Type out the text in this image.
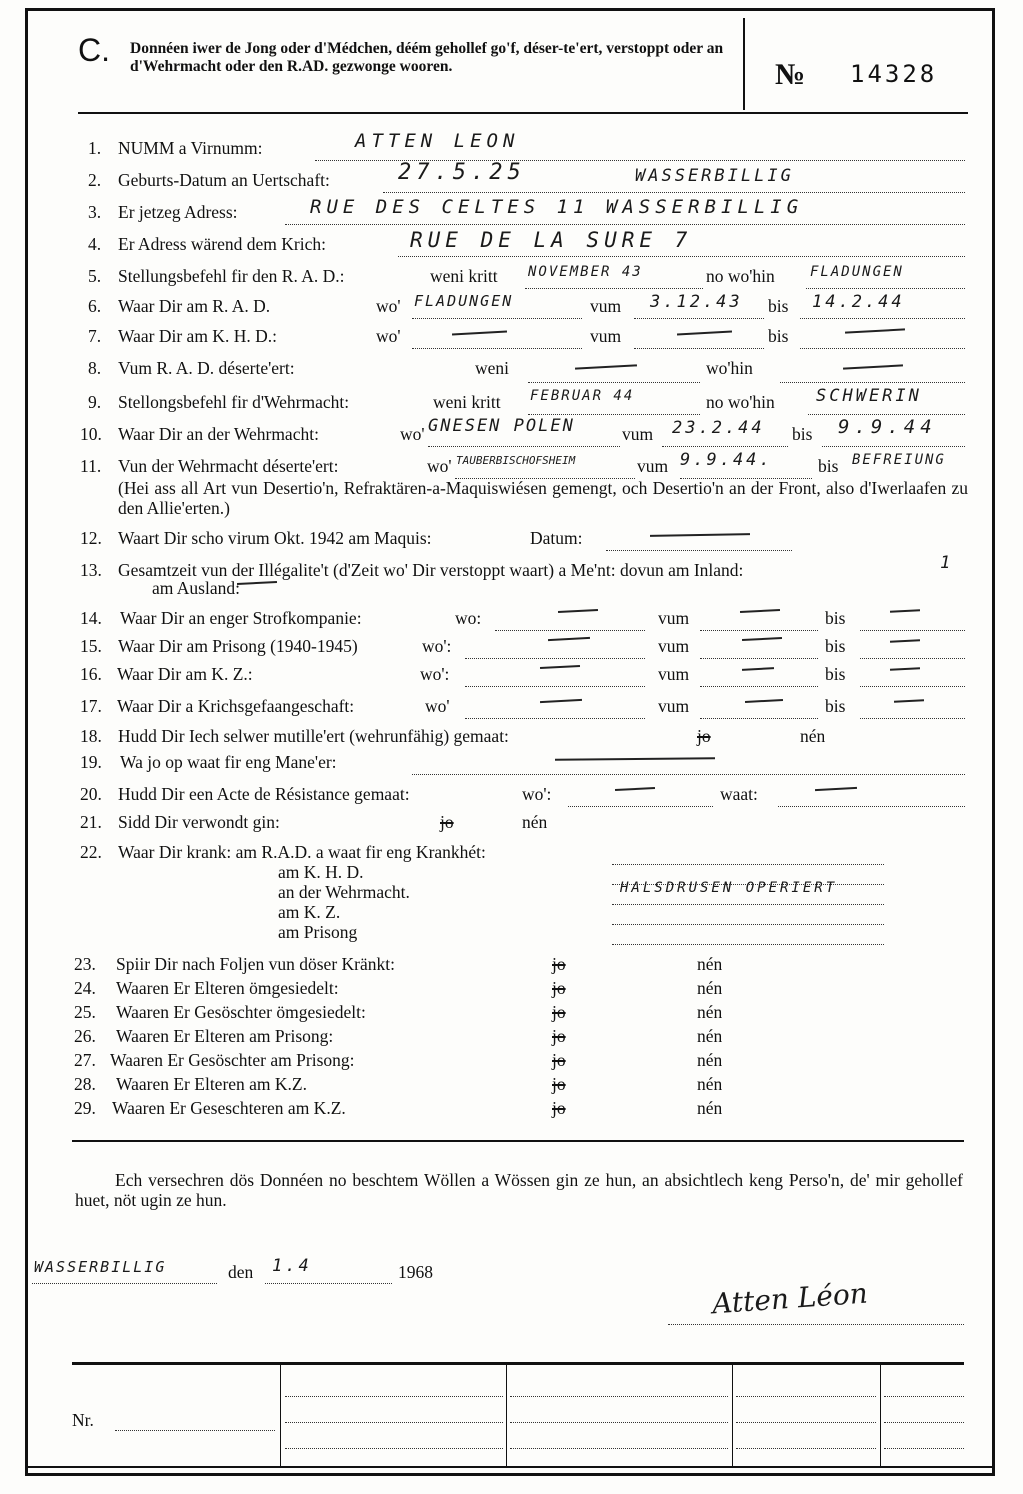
C. Donnéen iwer de Jong oder d'Médchen, déém gehollef go'f, déser-te'ert, verstoppt oder an d'Wehrmacht oder den R.AD. gezwonge wooren.	№ 14328
1. NUMM a Virnumm:	ATTEN LEON
2. Geburts-Datum an Uertschaft:	27.5.25	WASSERBILLIG
3. Er jetzeg Adress:	RUE DES CELTES 11 WASSERBILLIG
4. Er Adress wärend dem Krich:	RUE DE LA SURE 7
5. Stellungsbefehl fir den R. A. D.:	weni kritt	no wo'hin
NOVEMBER 43	FLADUNGEN
6. Waar Dir am R. A. D.	wo'	vum	bis
FLADUNGEN	3.12.43	14.2.44
7. Waar Dir am K. H. D.:	wo'	vum	bis
8. Vum R. A. D. déserte'ert:	weni	wo'hin
9. Stellongsbefehl fir d'Wehrmacht:	weni kritt	no wo'hin
FEBRUAR 44	SCHWERIN
10. Waar Dir an der Wehrmacht:	wo'	vum	bis
GNESEN POLEN	23.2.44	9.9.44
11. Vun der Wehrmacht déserte'ert:	wo'	vum	bis
TAUBERBISCHOFSHEIM	9.9.44.	BEFREIUNG
(Hei ass all Art vun Desertio'n, Refraktären-a-Maquiswiésen gemengt, och Desertio'n an der Front, also d'Iwerlaafen zu den Allie'erten.)
12. Waart Dir scho virum Okt. 1942 am Maquis:	Datum:
13. Gesamtzeit vun der Illégalite't (d'Zeit wo' Dir verstoppt waart) a Me'nt: dovun am Inland:	1
am Ausland:
14. Waar Dir an enger Strofkompanie:	wo:	vum	bis
15. Waar Dir am Prisong (1940-1945)	wo':	vum	bis
16. Waar Dir am K. Z.:	wo':	vum	bis
17. Waar Dir a Krichsgefaangeschaft:	wo'	vum	bis
18. Hudd Dir Iech selwer mutille'ert (wehrunfähig) gemaat:	jo	nén
19. Wa jo op waat fir eng Mane'er:
20. Hudd Dir een Acte de Résistance gemaat:	wo':	waat:
21. Sidd Dir verwondt gin:	jo	nén
22. Waar Dir krank: am R.A.D. a waat fir eng Krankhét:
am K. H. D.
an der Wehrmacht.	HALSDRUSEN OPERIERT
am K. Z.
am Prisong
23. Spiir Dir nach Foljen vun döser Kränkt:	jo	nén
24. Waaren Er Elteren ömgesiedelt:	jo	nén
25. Waaren Er Gesöschter ömgesiedelt:	jo	nén
26. Waaren Er Elteren am Prisong:	jo	nén
27. Waaren Er Gesöschter am Prisong:	jo	nén
28. Waaren Er Elteren am K.Z.	jo	nén
29. Waaren Er Geseschteren am K.Z.	jo	nén
Ech versechren dös Donnéen no beschtem Wöllen a Wössen gin ze hun, an absichtlech keng Perso'n, de' mir gehollef huet, nöt ugin ze hun.
WASSERBILLIG	den 1.4	1968
Atten Léon
Nr.
